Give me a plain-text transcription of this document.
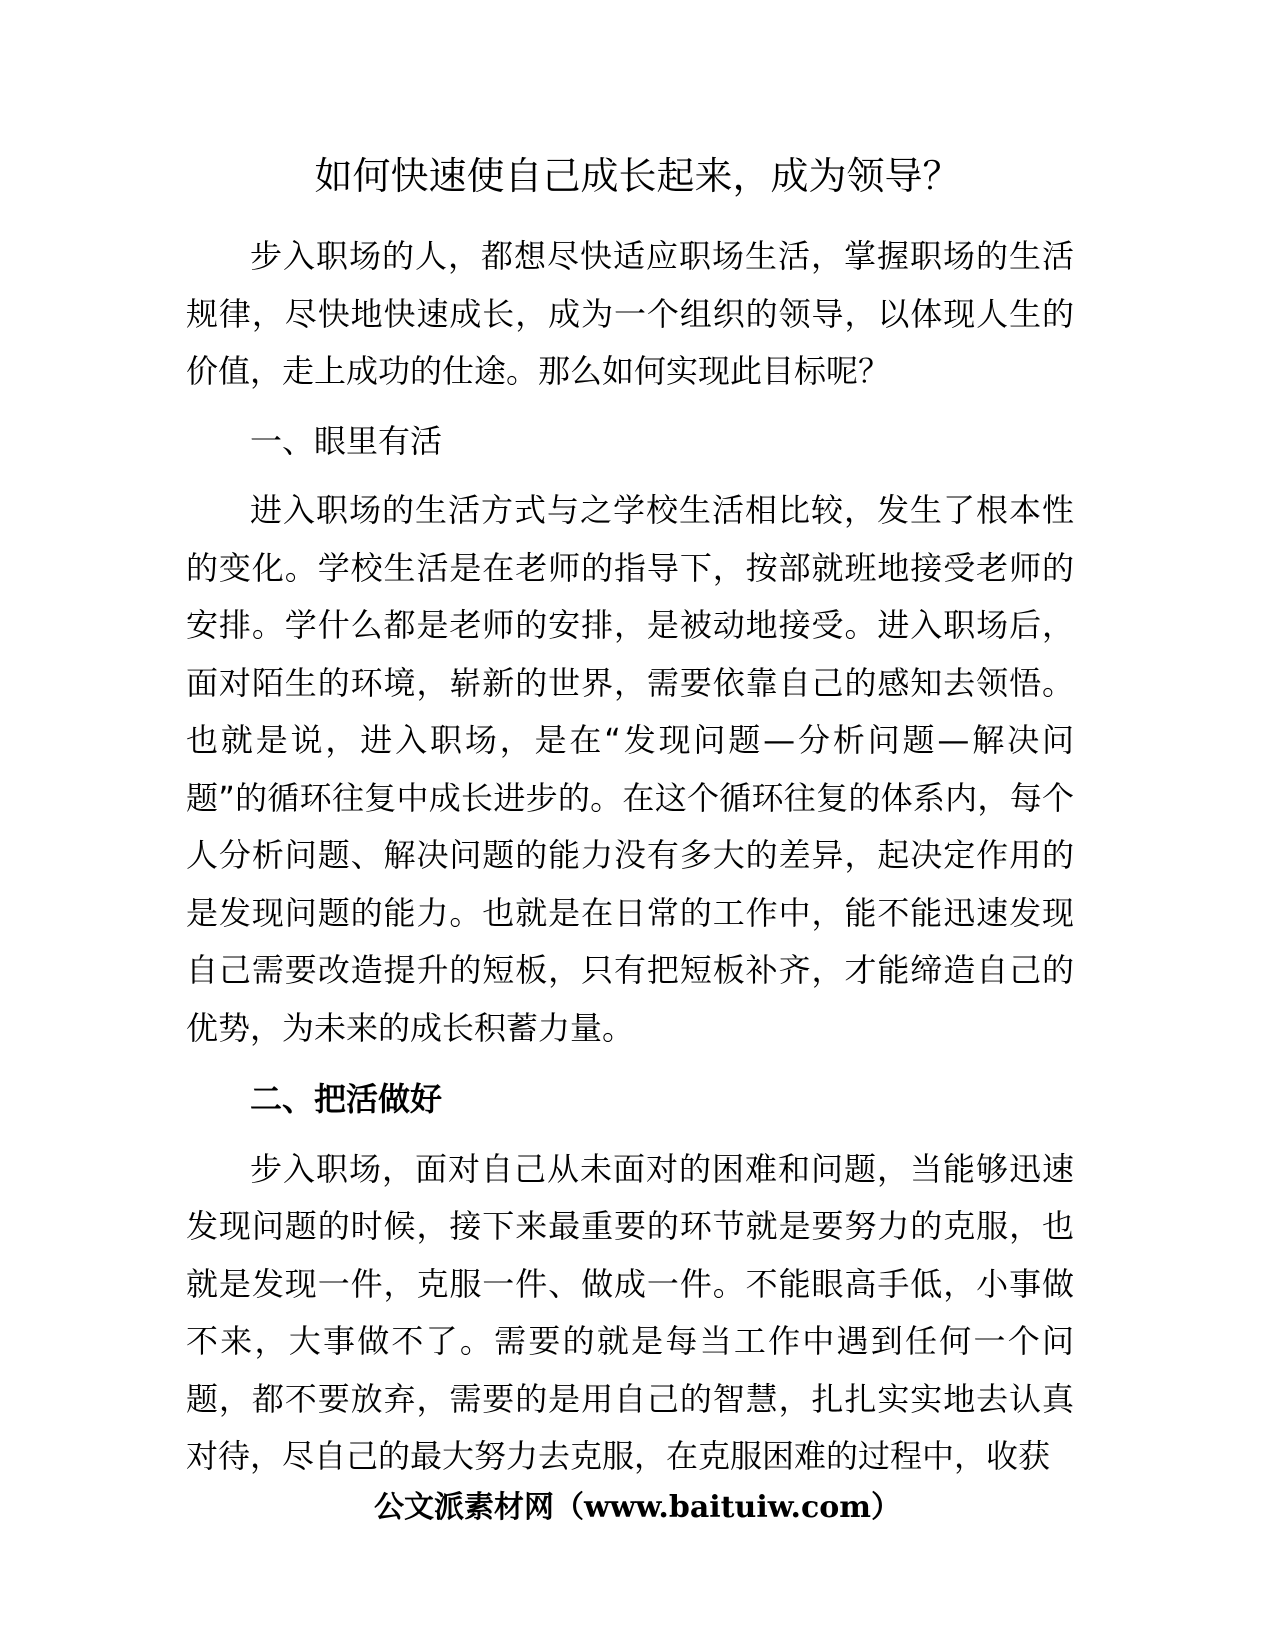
如何快速使自己成长起来，成为领导？

步入职场的人，都想尽快适应职场生活，掌握职场的生活规律，尽快地快速成长，成为一个组织的领导，以体现人生的价值，走上成功的仕途。那么如何实现此目标呢？

一、眼里有活

进入职场的生活方式与之学校生活相比较，发生了根本性的变化。学校生活是在老师的指导下，按部就班地接受老师的安排。学什么都是老师的安排，是被动地接受。进入职场后，面对陌生的环境，崭新的世界，需要依靠自己的感知去领悟。也就是说，进入职场，是在“发现问题—分析问题—解决问题”的循环往复中成长进步的。在这个循环往复的体系内，每个人分析问题、解决问题的能力没有多大的差异，起决定作用的是发现问题的能力。也就是在日常的工作中，能不能迅速发现自己需要改造提升的短板，只有把短板补齐，才能缔造自己的优势，为未来的成长积蓄力量。

二、把活做好

步入职场，面对自己从未面对的困难和问题，当能够迅速发现问题的时候，接下来最重要的环节就是要努力的克服，也就是发现一件，克服一件、做成一件。不能眼高手低，小事做不来，大事做不了。需要的就是每当工作中遇到任何一个问题，都不要放弃，需要的是用自己的智慧，扎扎实实地去认真对待，尽自己的最大努力去克服，在克服困难的过程中，收获

公文派素材网（www.baituiw.com）
